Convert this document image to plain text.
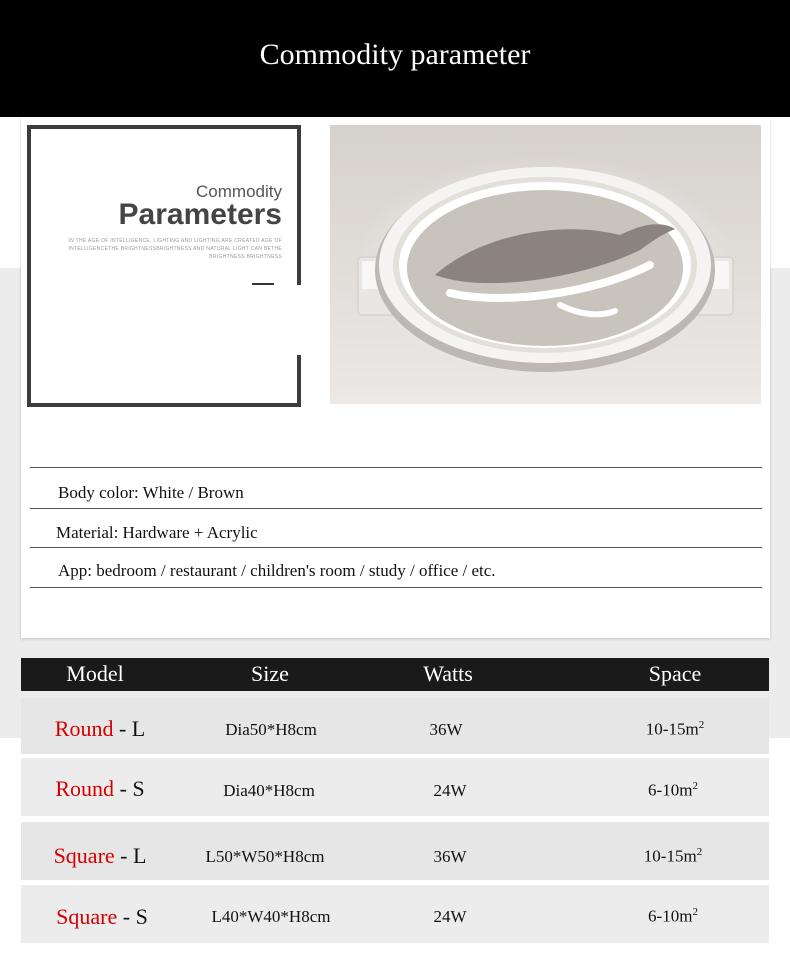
Commodity parameter
Commodity
Parameters
IN THE AGE OF INTELLIGENCE, LIGHTING AND LIGHTING ARE CREATED AGE OF INTELLIGENCETHE BRIGHTNESSBRIGHTNESS AND NATURAL LIGHT CAN BETHE BRIGHTNESS BRIGHTNESS
Body color: White / Brown
Material: Hardware + Acrylic
App: bedroom / restaurant / children's room / study / office / etc.
Model	Size	Watts	Space
Round - L	Dia50*H8cm	36W	$10-15m^2$
Round - S	Dia40*H8cm	24W	$6-10m^2$
Square - L	L50*W50*H8cm	36W	$10-15m^2$
Square - S	L40*W40*H8cm	24W	$6-10m^2$
